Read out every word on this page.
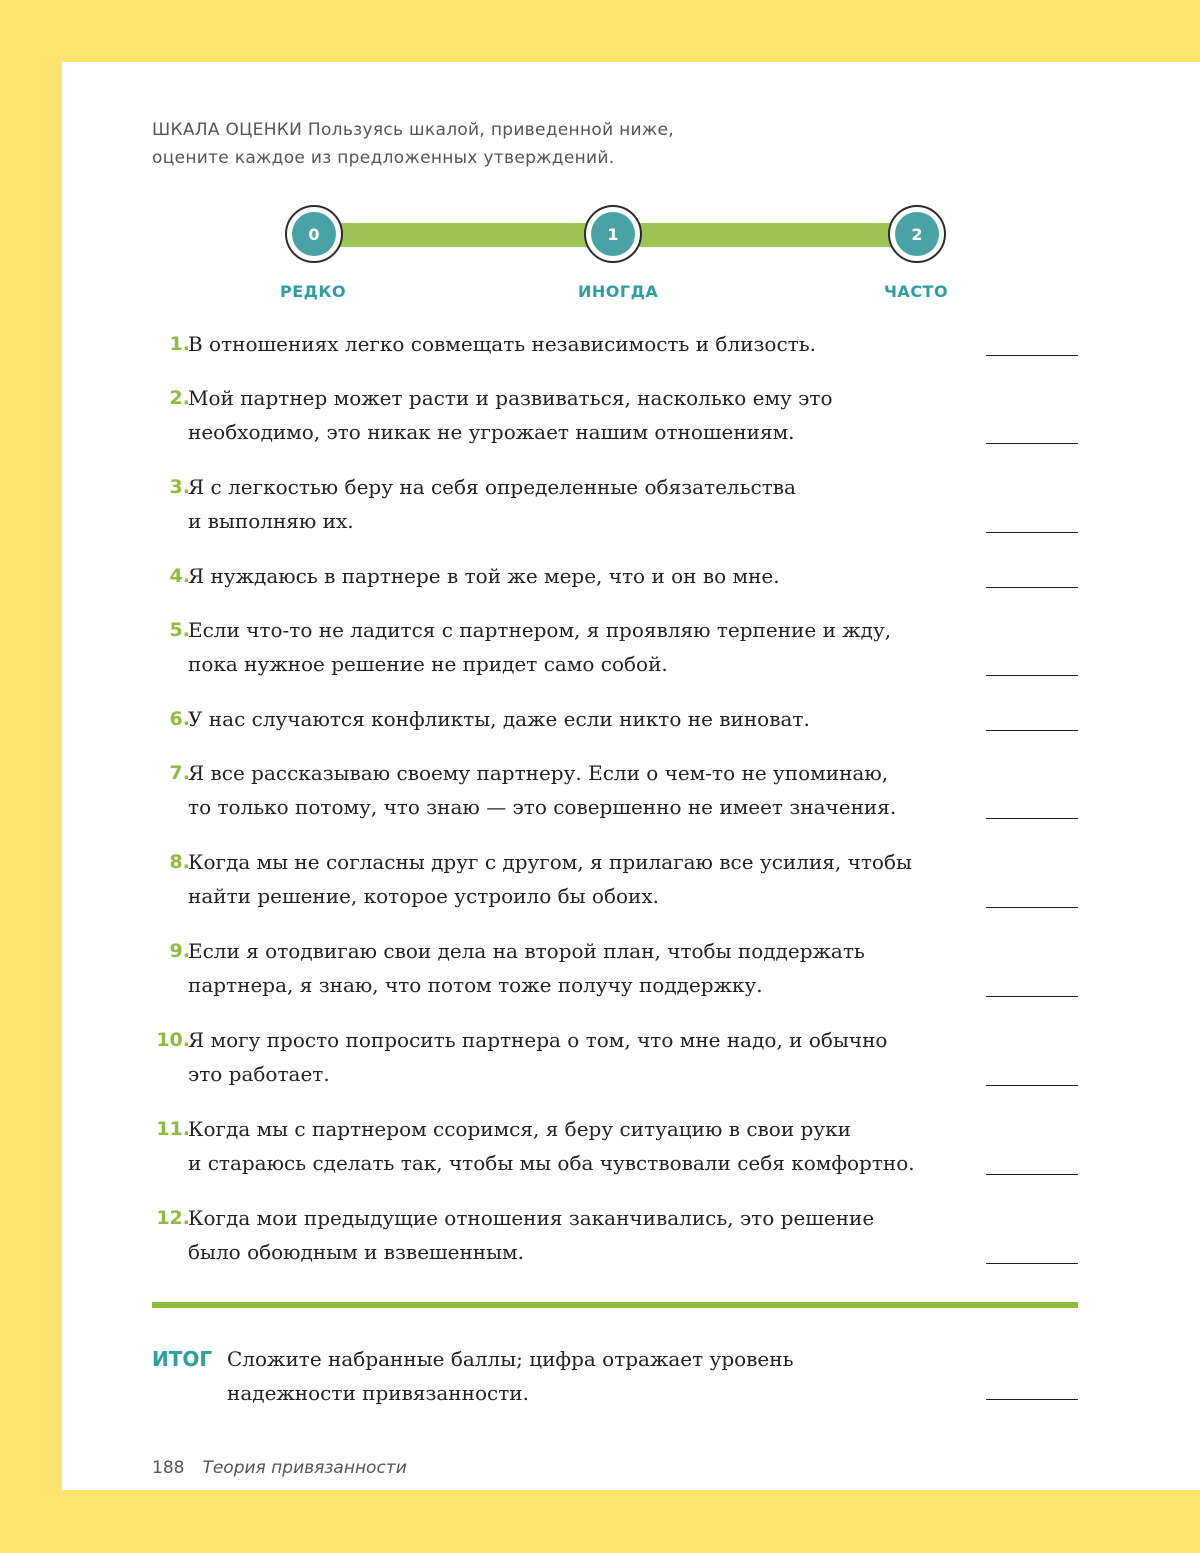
ШКАЛА ОЦЕНКИ Пользуясь шкалой, приведенной ниже,
оцените каждое из предложенных утверждений.
0	1	2
РЕДКО	ИНОГДА	ЧАСТО
1.
В отношениях легко совмещать независимость и близость.
2.
Мой партнер может расти и развиваться, насколько ему это
необходимо, это никак не угрожает нашим отношениям.
3.
Я с легкостью беру на себя определенные обязательства
и выполняю их.
4.
Я нуждаюсь в партнере в той же мере, что и он во мне.
5.
Если что-то не ладится с партнером, я проявляю терпение и жду,
пока нужное решение не придет само собой.
6.
У нас случаются конфликты, даже если никто не виноват.
7.
Я все рассказываю своему партнеру. Если о чем-то не упоминаю,
то только потому, что знаю — это совершенно не имеет значения.
8.
Когда мы не согласны друг с другом, я прилагаю все усилия, чтобы
найти решение, которое устроило бы обоих.
9.
Если я отодвигаю свои дела на второй план, чтобы поддержать
партнера, я знаю, что потом тоже получу поддержку.
10.
Я могу просто попросить партнера о том, что мне надо, и обычно
это работает.
11.
Когда мы с партнером ссоримся, я беру ситуацию в свои руки
и стараюсь сделать так, чтобы мы оба чувствовали себя комфортно.
12.
Когда мои предыдущие отношения заканчивались, это решение
было обоюдным и взвешенным.
ИТОГ Сложите набранные баллы; цифра отражает уровень
надежности привязанности.
188 Теория привязанности
